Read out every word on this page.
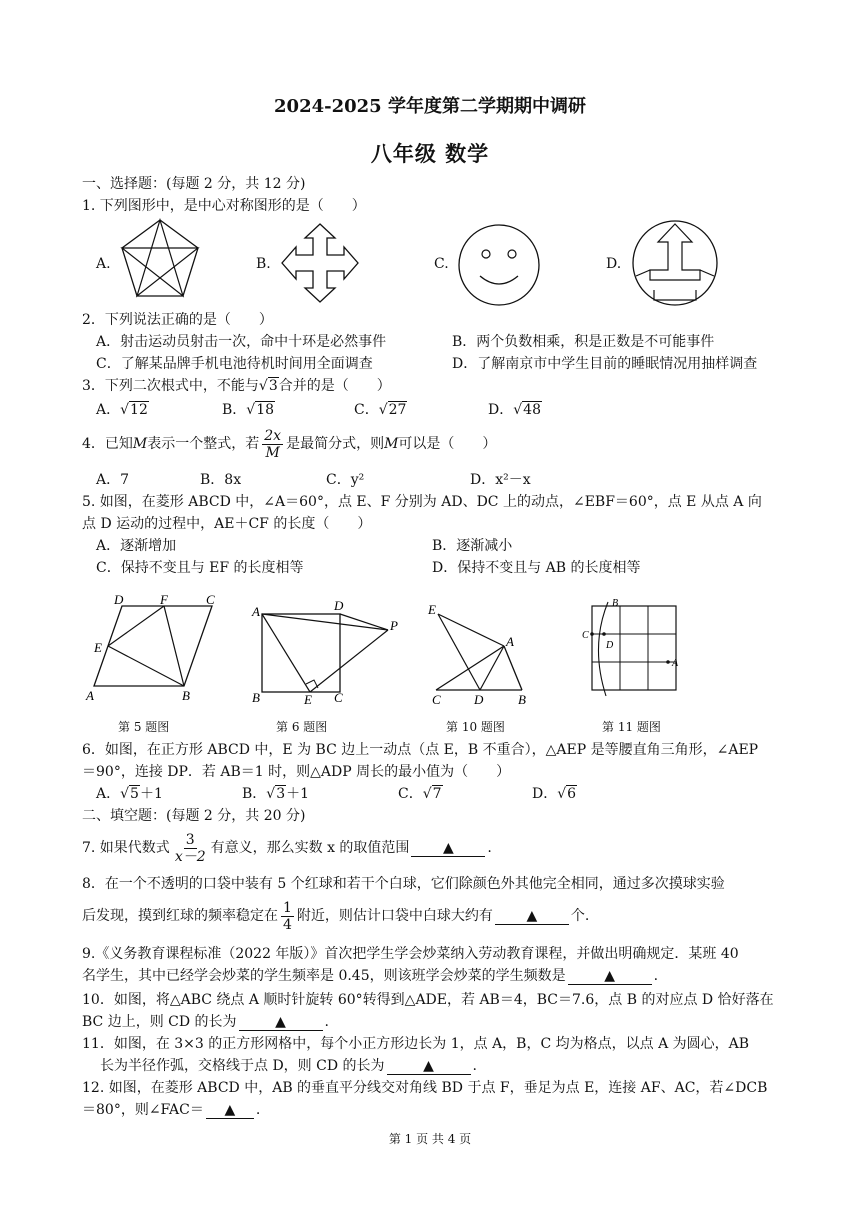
2024-2025 学年度第二学期期中调研
八年级 数学
一、选择题：(每题 2 分，共 12 分)
1. 下列图形中，是中心对称图形的是（　　）
A.	B.	C.	D.
2．下列说法正确的是（　　）
A．射击运动员射击一次，命中十环是必然事件	B．两个负数相乘，积是正数是不可能事件
C．了解某品牌手机电池待机时间用全面调查	D．了解南京市中学生目前的睡眠情况用抽样调查
3．下列二次根式中，不能与√3合并的是（　　）
A．√12	B．√18	C．√27	D．√48
4．已知M表示一个整式，若 $\frac{2x}{M}$ 是最简分式，则M可以是（　　）
A．7	B．8x	C．y²	D．x²－x
5. 如图，在菱形 ABCD 中，∠A＝60°，点 E、F 分别为 AD、DC 上的动点，∠EBF＝60°，点 E 从点 A 向
点 D 运动的过程中，AE＋CF 的长度（　　）
A．逐渐增加	B．逐渐减小
C．保持不变且与 EF 的长度相等	D．保持不变且与 AB 的长度相等
D	F	C
E
A	B
A	D
P
B	E C
E
A
C	D	B
B
C
D
A
第 5 题图	第 6 题图	第 10 题图	第 11 题图
6．如图，在正方形 ABCD 中，E 为 BC 边上一动点（点 E，B 不重合），△AEP 是等腰直角三角形，∠AEP
＝90°，连接 DP．若 AB＝1 时，则△ADP 周长的最小值为（　　）
A．√5＋1	B．√3＋1	C．√7	D．√6
二、填空题：(每题 2 分，共 20 分)
7. 如果代数式 $\frac{3}{x-2}$ 有意义，那么实数 x 的取值范围 ▲ .
8．在一个不透明的口袋中装有 5 个红球和若干个白球，它们除颜色外其他完全相同，通过多次摸球实验
后发现，摸到红球的频率稳定在 $\frac{1}{4}$ 附近，则估计口袋中白球大约有 ▲ 个.
9.《义务教育课程标准（2022 年版）》首次把学生学会炒菜纳入劳动教育课程，并做出明确规定．某班 40
名学生，其中已经学会炒菜的学生频率是 0.45，则该班学会炒菜的学生频数是	▲	.
10．如图，将△ABC 绕点 A 顺时针旋转 60°转得到△ADE，若 AB＝4，BC＝7.6，点 B 的对应点 D 恰好落在
BC 边上，则 CD 的长为	▲	.
11．如图，在 3×3 的正方形网格中，每个小正方形边长为 1，点 A，B，C 均为格点，以点 A 为圆心，AB
长为半径作弧，交格线于点 D，则 CD 的长为	▲	.
12. 如图，在菱形 ABCD 中，AB 的垂直平分线交对角线 BD 于点 F，垂足为点 E，连接 AF、AC，若∠DCB
＝80°，则∠FAC＝ ▲ .
第 1 页 共 4 页
